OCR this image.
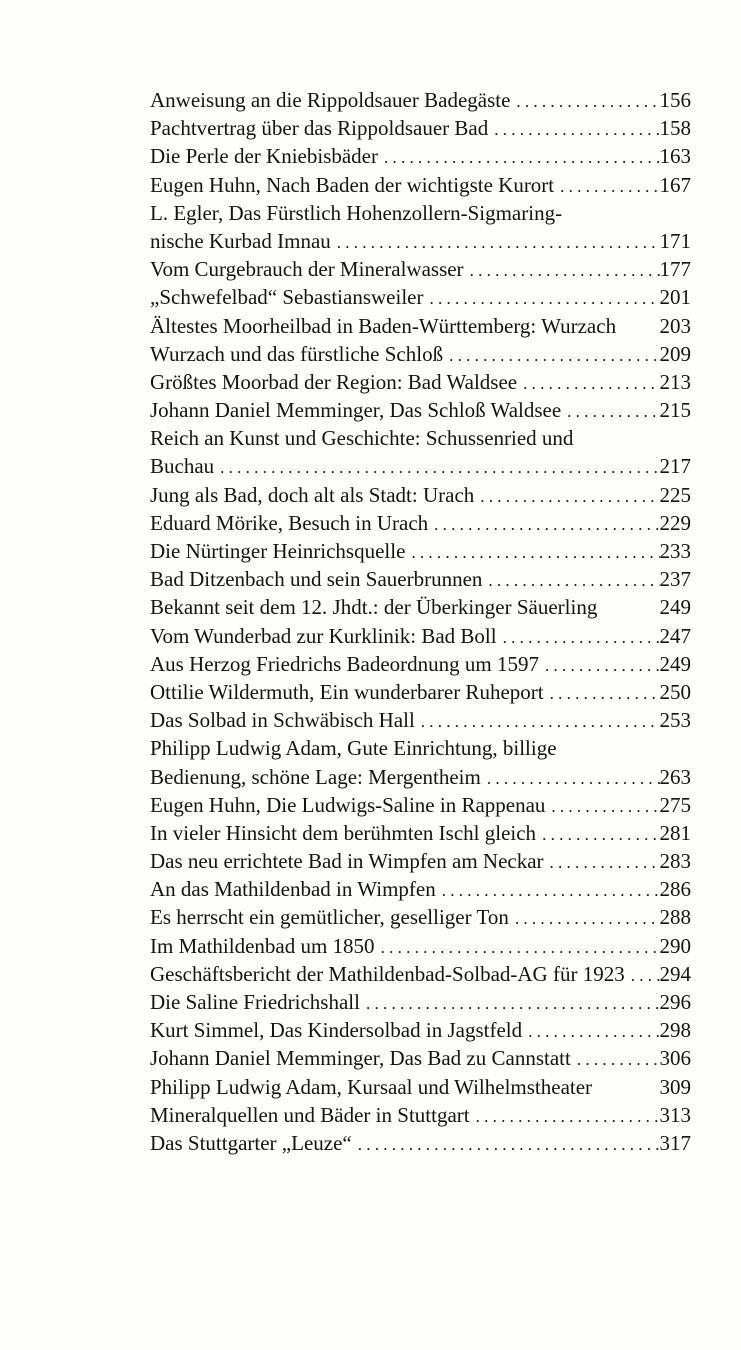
Anweisung an die Rippoldsauer Badegäste . . .	156
Pachtvertrag über das Rippoldsauer Bad . . .	158
Die Perle der Kniebisbäder . . .	163
Eugen Huhn, Nach Baden der wichtigste Kurort . . .	167
L. Egler, Das Fürstlich Hohenzollern-Sigmaring-
nische Kurbad Imnau . . .	171
Vom Curgebrauch der Mineralwasser . . .	177
„Schwefelbad“ Sebastiansweiler . . .	201
Ältestes Moorheilbad in Baden-Württemberg: Wurzach	203
Wurzach und das fürstliche Schloß . . .	209
Größtes Moorbad der Region: Bad Waldsee . . .	213
Johann Daniel Memminger, Das Schloß Waldsee . . .	215
Reich an Kunst und Geschichte: Schussenried und
Buchau . . .	217
Jung als Bad, doch alt als Stadt: Urach . . .	225
Eduard Mörike, Besuch in Urach . . .	229
Die Nürtinger Heinrichsquelle . . .	233
Bad Ditzenbach und sein Sauerbrunnen . . .	237
Bekannt seit dem 12. Jhdt.: der Überkinger Säuerling	249
Vom Wunderbad zur Kurklinik: Bad Boll . . .	247
Aus Herzog Friedrichs Badeordnung um 1597 . . .	249
Ottilie Wildermuth, Ein wunderbarer Ruheport . . .	250
Das Solbad in Schwäbisch Hall . . .	253
Philipp Ludwig Adam, Gute Einrichtung, billige
Bedienung, schöne Lage: Mergentheim . . .	263
Eugen Huhn, Die Ludwigs-Saline in Rappenau . . .	275
In vieler Hinsicht dem berühmten Ischl gleich . . .	281
Das neu errichtete Bad in Wimpfen am Neckar . . .	283
An das Mathildenbad in Wimpfen . . .	286
Es herrscht ein gemütlicher, geselliger Ton . . .	288
Im Mathildenbad um 1850 . . .	290
Geschäftsbericht der Mathildenbad-Solbad-AG für 1923 . . . 294
Die Saline Friedrichshall . . .	296
Kurt Simmel, Das Kindersolbad in Jagstfeld . . .	298
Johann Daniel Memminger, Das Bad zu Cannstatt . . .	306
Philipp Ludwig Adam, Kursaal und Wilhelmstheater	309
Mineralquellen und Bäder in Stuttgart . . .	313
Das Stuttgarter „Leuze“ . . .	317
